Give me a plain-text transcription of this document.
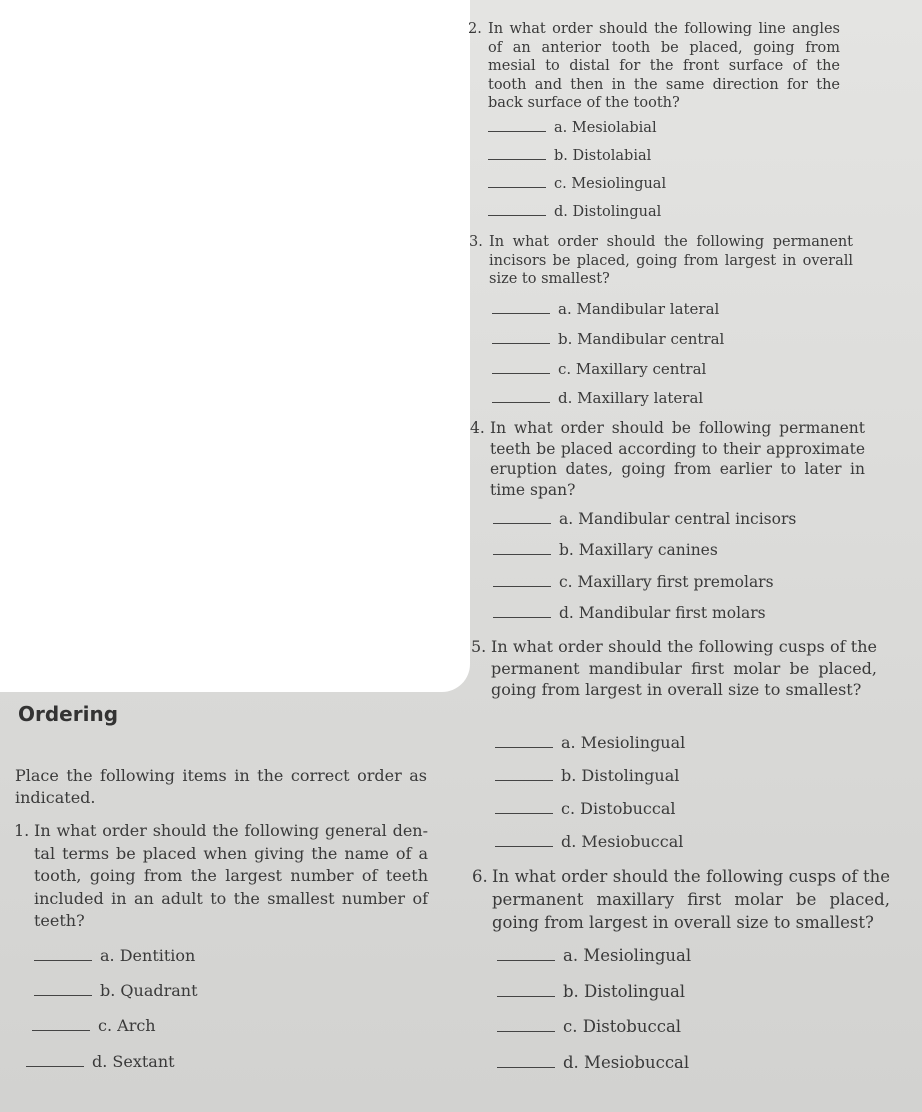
Ordering
Place the following items in the correct order as indicated.
1. In what order should the following general den-tal terms be placed when giving the name of a tooth, going from the largest number of teeth included in an adult to the smallest number of teeth?
a. Dentition
b. Quadrant
c. Arch
d. Sextant
2. In what order should the following line angles of an anterior tooth be placed, going from mesial to distal for the front surface of the tooth and then in the same direction for the back surface of the tooth?
a. Mesiolabial
b. Distolabial
c. Mesiolingual
d. Distolingual
3. In what order should the following permanent incisors be placed, going from largest in overall size to smallest?
a. Mandibular lateral
b. Mandibular central
c. Maxillary central
d. Maxillary lateral
4. In what order should be following permanent teeth be placed according to their approximate eruption dates, going from earlier to later in time span?
a. Mandibular central incisors
b. Maxillary canines
c. Maxillary first premolars
d. Mandibular first molars
5. In what order should the following cusps of the permanent mandibular first molar be placed, going from largest in overall size to smallest?
a. Mesiolingual
b. Distolingual
c. Distobuccal
d. Mesiobuccal
6. In what order should the following cusps of the permanent maxillary first molar be placed, going from largest in overall size to smallest?
a. Mesiolingual
b. Distolingual
c. Distobuccal
d. Mesiobuccal
